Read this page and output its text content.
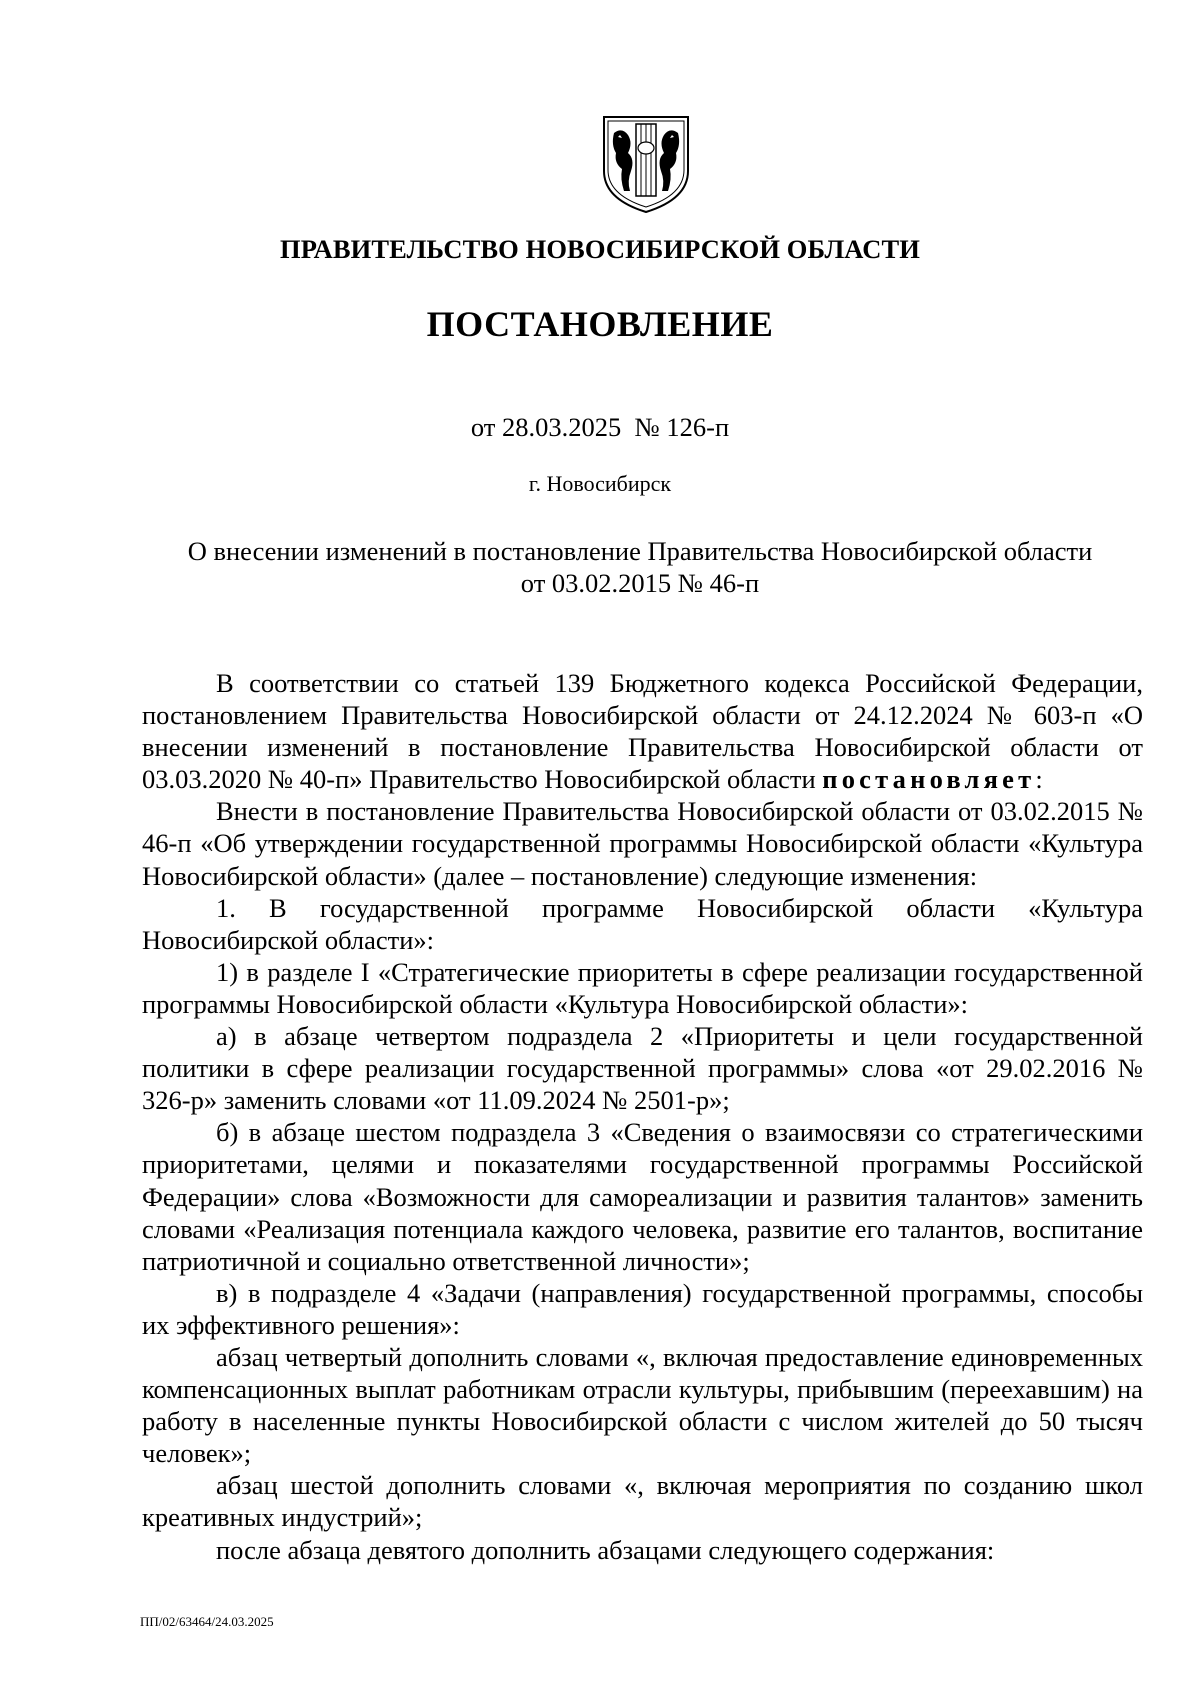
ПРАВИТЕЛЬСТВО НОВОСИБИРСКОЙ ОБЛАСТИ
ПОСТАНОВЛЕНИЕ
от 28.03.2025  № 126-п
г. Новосибирск
О внесении изменений в постановление Правительства Новосибирской области
от 03.02.2015 № 46-п

В соответствии со статьей 139 Бюджетного кодекса Российской Федерации, постановлением Правительства Новосибирской области от 24.12.2024 № 603-п «О внесении изменений в постановление Правительства Новосибирской области от 03.03.2020 № 40-п» Правительство Новосибирской области постановляет:

Внести в постановление Правительства Новосибирской области от 03.02.2015 № 46-п «Об утверждении государственной программы Новосибирской области «Культура Новосибирской области» (далее – постановление) следующие изменения:

1. В государственной программе Новосибирской области «Культура Новосибирской области»:

1) в разделе I «Стратегические приоритеты в сфере реализации государственной программы Новосибирской области «Культура Новосибирской области»:

а) в абзаце четвертом подраздела 2 «Приоритеты и цели государственной политики в сфере реализации государственной программы» слова «от 29.02.2016 № 326-р» заменить словами «от 11.09.2024 № 2501-р»;

б) в абзаце шестом подраздела 3 «Сведения о взаимосвязи со стратегическими приоритетами, целями и показателями государственной программы Российской Федерации» слова «Возможности для самореализации и развития талантов» заменить словами «Реализация потенциала каждого человека, развитие его талантов, воспитание патриотичной и социально ответственной личности»;

в) в подразделе 4 «Задачи (направления) государственной программы, способы их эффективного решения»:

абзац четвертый дополнить словами «, включая предоставление единовременных компенсационных выплат работникам отрасли культуры, прибывшим (переехавшим) на работу в населенные пункты Новосибирской области с числом жителей до 50 тысяч человек»;

абзац шестой дополнить словами «, включая мероприятия по созданию школ креативных индустрий»;

после абзаца девятого дополнить абзацами следующего содержания:

ПП/02/63464/24.03.2025
